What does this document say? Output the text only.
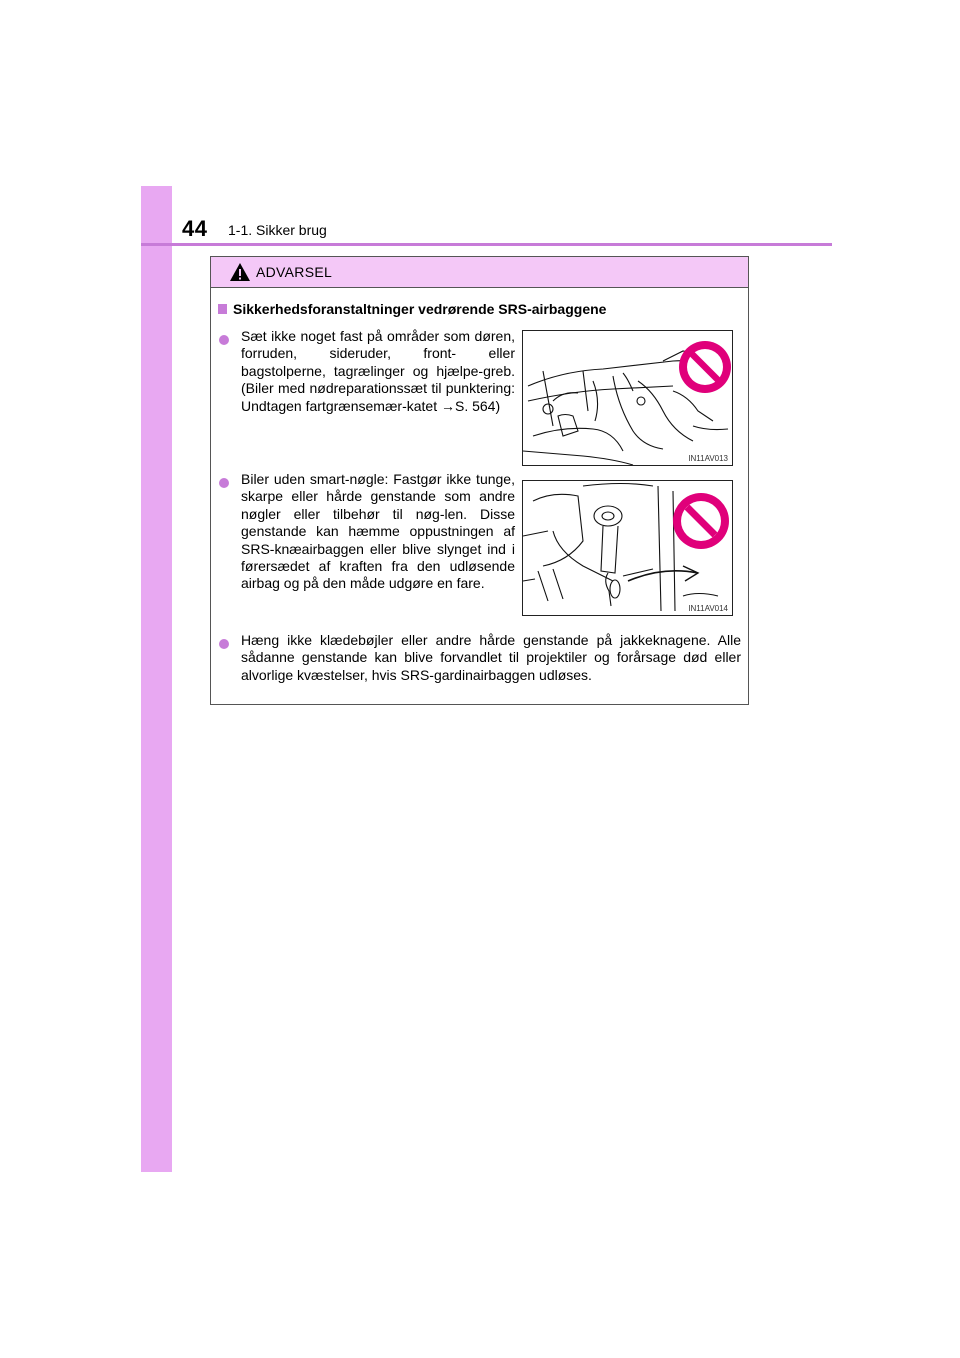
44 1-1. Sikker brug
ADVARSEL
Sikkerhedsforanstaltninger vedrørende SRS-airbaggene

Sæt ikke noget fast på områder som døren, forruden, sideruder, front- eller bagstolperne, tagrælinger og hjælpe-greb. (Biler med nødreparationssæt til punktering: Undtagen fartgrænsemær-katet →S. 564)

IN11AV013

Biler uden smart-nøgle: Fastgør ikke tunge, skarpe eller hårde genstande som andre nøgler eller tilbehør til nøg-len. Disse genstande kan hæmme oppustningen af SRS-knæairbaggen eller blive slynget ind i førersædet af kraften fra den udløsende airbag og på den måde udgøre en fare.

IN11AV014

Hæng ikke klædebøjler eller andre hårde genstande på jakkeknagene. Alle sådanne genstande kan blive forvandlet til projektiler og forårsage død eller alvorlige kvæstelser, hvis SRS-gardinairbaggen udløses.
